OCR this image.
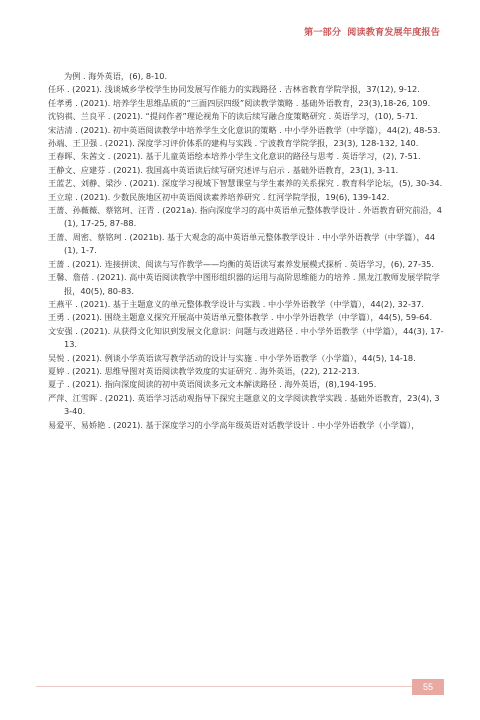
第一部分 阅读教育发展年度报告

为例 . 海外英语，(6), 8-10.

任环 . (2021). 浅谈城乡学校学生协同发展写作能力的实践路径 . 吉林省教育学院学报，37(12), 9-12.

任孝勇 . (2021). 培养学生思维品质的“三面四层四级”阅读教学策略 . 基础外语教育，23(3),18-26, 109.

沈钧祺、兰良平 . (2021). “提问作者”理论视角下的读后续写融合度策略研究 . 英语学习，(10), 5-71.

宋洁清 . (2021). 初中英语阅读教学中培养学生文化意识的策略 . 中小学外语教学（中学篇），44(2), 48-53.

孙端、王卫强 . (2021). 深度学习评价体系的建构与实践 . 宁波教育学院学报，23(3), 128-132, 140.

王春晖、朱茜文 . (2021). 基于儿童英语绘本培养小学生文化意识的路径与思考 . 英语学习，(2), 7-51.

王静文、应建芬 . (2021). 我国高中英语读后续写研究述评与启示 . 基础外语教育，23(1), 3-11.

王蓝艺、刘静、梁沙 . (2021). 深度学习视域下智慧课堂与学生素养的关系探究 . 教育科学论坛，(5), 30-34.

王立琼 . (2021). 少数民族地区初中英语阅读素养培养研究 . 红河学院学报，19(6), 139-142.

王蔷、孙薇薇、蔡铭珂、汪青 . (2021a). 指向深度学习的高中英语单元整体教学设计 . 外语教育研究前沿，4(1), 17-25, 87-88.

王蔷、周密、蔡铭珂 . (2021b). 基于大观念的高中英语单元整体教学设计 . 中小学外语教学（中学篇），44(1), 1-7.

王蔷 . (2021). 连接拼读、阅读与写作教学——均衡的英语读写素养发展模式探析 . 英语学习，(6), 27-35.

王馨、詹蓓 . (2021). 高中英语阅读教学中图形组织器的运用与高阶思维能力的培养 . 黑龙江教师发展学院学报，40(5), 80-83.

王燕平 . (2021). 基于主题意义的单元整体教学设计与实践 . 中小学外语教学（中学篇），44(2), 32-37.

王勇 . (2021). 围绕主题意义探究开展高中英语单元整体教学 . 中小学外语教学（中学篇），44(5), 59-64.

文安强 . (2021). 从获得文化知识到发展文化意识：问题与改进路径 . 中小学外语教学（中学篇），44(3), 17-13.

吴悦 . (2021). 例谈小学英语读写教学活动的设计与实施 . 中小学外语教学（小学篇），44(5), 14-18.

夏婷 . (2021). 思维导图对英语阅读教学效度的实证研究 . 海外英语，(22), 212-213.

夏子 . (2021). 指向深度阅读的初中英语阅读多元文本解读路径 . 海外英语，(8),194-195.

严萍、江雪晖 . (2021). 英语学习活动观指导下探究主题意义的文学阅读教学实践 . 基础外语教育，23(4), 33-40.

易爱平、易娇艳 . (2021). 基于深度学习的小学高年级英语对话教学设计 . 中小学外语教学（小学篇），

55
